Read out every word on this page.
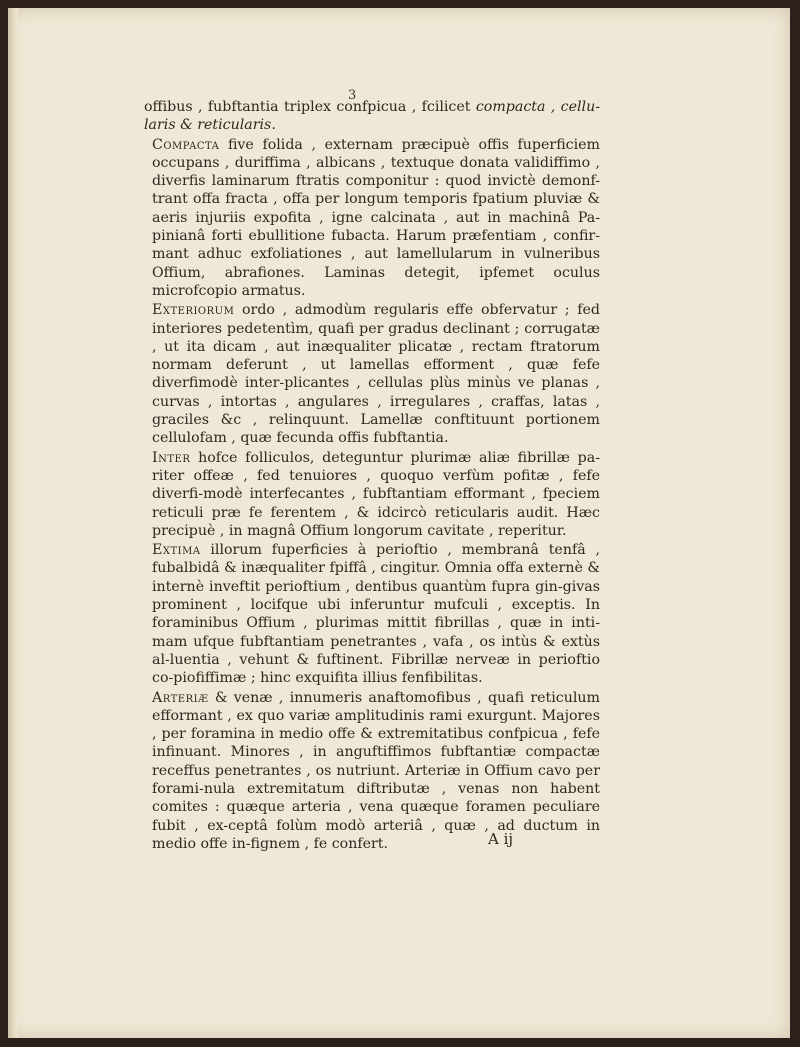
3

offibus , fubftantia triplex confpicua , fcilicet compacta , cellu-laris & reticularis.

Compacta five folida , externam præcipuè offis fuperficiem occupans , duriffima , albicans , textuque donata validiffimo , diverfis laminarum ftratis componitur : quod invictè demonf-trant offa fracta , offa per longum temporis fpatium pluviæ & aeris injuriis expofita , igne calcinata , aut in machinâ Pa-pinianâ forti ebullitione fubacta. Harum præfentiam , confir-mant adhuc exfoliationes , aut lamellularum in vulneribus Offium, abrafiones. Laminas detegit, ipfemet oculus microfcopio armatus.

Exteriorum ordo , admodùm regularis effe obfervatur ; fed interiores pedetentìm, quafi per gradus declinant ; corrugatæ , ut ita dicam , aut inæqualiter plicatæ , rectam ftratorum normam deferunt , ut lamellas efforment , quæ fefe diverfimodè inter-plicantes , cellulas plùs minùs ve planas , curvas , intortas , angulares , irregulares , craffas, latas , graciles &c , relinquunt. Lamellæ conftituunt portionem cellulofam , quæ fecunda offis fubftantia.

Inter hofce folliculos, deteguntur plurimæ aliæ fibrillæ pa-riter offeæ , fed tenuiores , quoquo verfùm pofitæ , fefe diverfi-modè interfecantes , fubftantiam efformant , fpeciem reticuli præ fe ferentem , & idcircò reticularis audit. Hæc precipuè , in magnâ Offium longorum cavitate , reperitur.

Extima illorum fuperficies à perioftio , membranâ tenfâ , fubalbidâ & inæqualiter fpiffâ , cingitur. Omnia offa externè & internè inveftit perioftium , dentibus quantùm fupra gin-givas prominent , locifque ubi inferuntur mufculi , exceptis. In foraminibus Offium , plurimas mittit fibrillas , quæ in inti-mam ufque fubftantiam penetrantes , vafa , os intùs & extùs al-luentia , vehunt & fuftinent. Fibrillæ nerveæ in perioftio co-piofiffimæ ; hinc exquifita illius fenfibilitas.

Arteriæ & venæ , innumeris anaftomofibus , quafi reticulum efformant , ex quo variæ amplitudinis rami exurgunt. Majores , per foramina in medio offe & extremitatibus confpicua , fefe infinuant. Minores , in anguftiffimos fubftantiæ compactæ receffus penetrantes , os nutriunt. Arteriæ in Offium cavo per forami-nula extremitatum diftributæ , venas non habent comites : quæque arteria , vena quæque foramen peculiare fubit , ex-ceptâ folùm modò arteriâ , quæ , ad ductum in medio offe in-fignem , fe confert.	A ij
